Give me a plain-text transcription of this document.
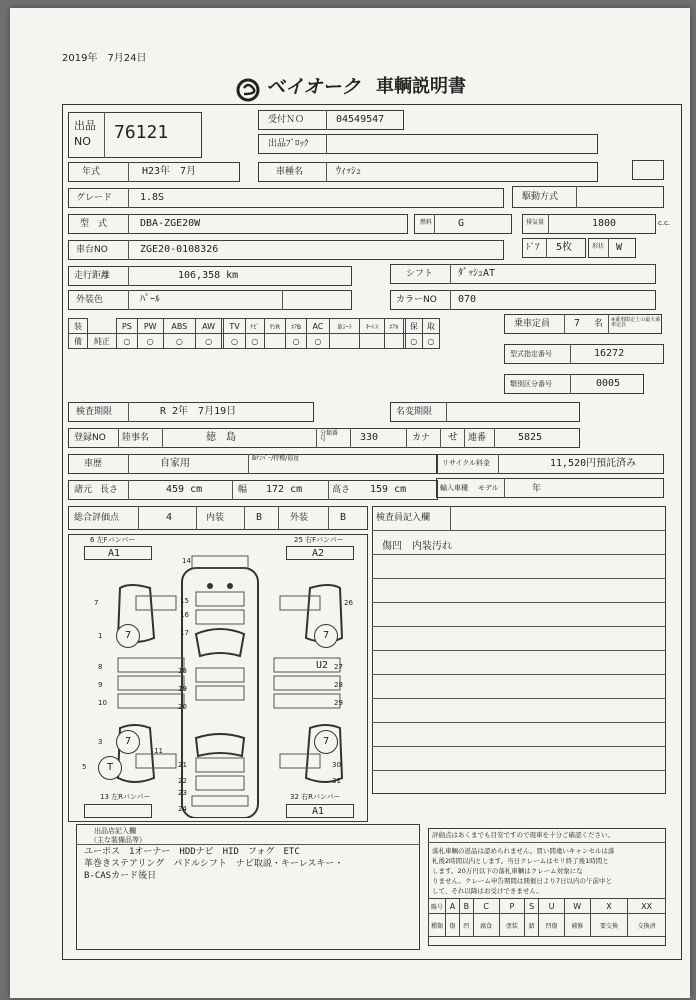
2019年　7月24日
ベイオーク 車輌説明書
出品
NO 76121
受付ＮＯ	04549547
出品ﾌﾞﾛｯｸ
年式	H23年　7月	車種名	ｳｨｯｼｭ
グレード	1.8S	駆動方式
型　式	DBA-ZGE20W	燃料	G	排気量	1800	c.c.
車台NO	ZGE20-0108326	ﾄﾞｱ 5枚	形状 W
走行距離	106,358 km	シフト ﾀﾞｯｼｭAT
外装色	ﾊﾟｰﾙ	カラーNO 070
装		PS	PW	ABS	AW		TV	ﾅﾋﾞ	ｻﾝR	ｴｱB	AC	革ｼｰﾄ	ｷｰﾚｽ	ｴｱﾛ		保	取
備	純正	○	○	○	○		○	○		○	○					○	○
乗車定員 7 名 ※乗車限定上の最大乗車定員
型式指定番号	16272
類別区分番号	0005
検査期限	R 2年　7月19日	名変期限
登録NO 陸事名	徳　島	分類番号	330	カナ せ 連番	5825
車歴	自家用	Bﾅﾝﾊﾞｰ/特種/福祉
リサイクル料金	11,520円預託済み
諸元 長さ	459 cm	幅 172 cm	高さ 159 cm	輸入車種 モデル	年
総合評価点	4	内装	B	外装	B	検査員記入欄
傷凹　内装汚れ
6 左Fバンパー
A1
25 右Fバンパー
A2
7	7
7	7
T
U2
14
7	15
16
17
1
8
9
10
3
5
11
18
19
20
21
22
23
24
26
27
28
29
30
31
13 左Rバンパー	32 右Rバンパー
A1
出品店記入欄
（主な装備品等）
ユーポス　1オーナー　HDDナビ　HID　フォグ　ETC
革巻きステアリング　パドルシフト　ナビ取説・キーレスキー・
B-CASカード後日
評価点はあくまでも目安ですので現車を十分ご確認ください。
落札車輌の返品は認められません。買い間違いキャンセルは落
札後2時間以内とします。当日クレームはセリ終了後1時間と
します。20万円以下の落札車輌はクレーム対象にな
りません。クレーム申告期間は開催日より7日以内の午前中と
して、それ以降はお受けできません。
略号	A	B	C	P	S	U	W	X	XX
種類	傷	凹	腐食	塗装	錆	凹傷	補修	要交換	交換済
